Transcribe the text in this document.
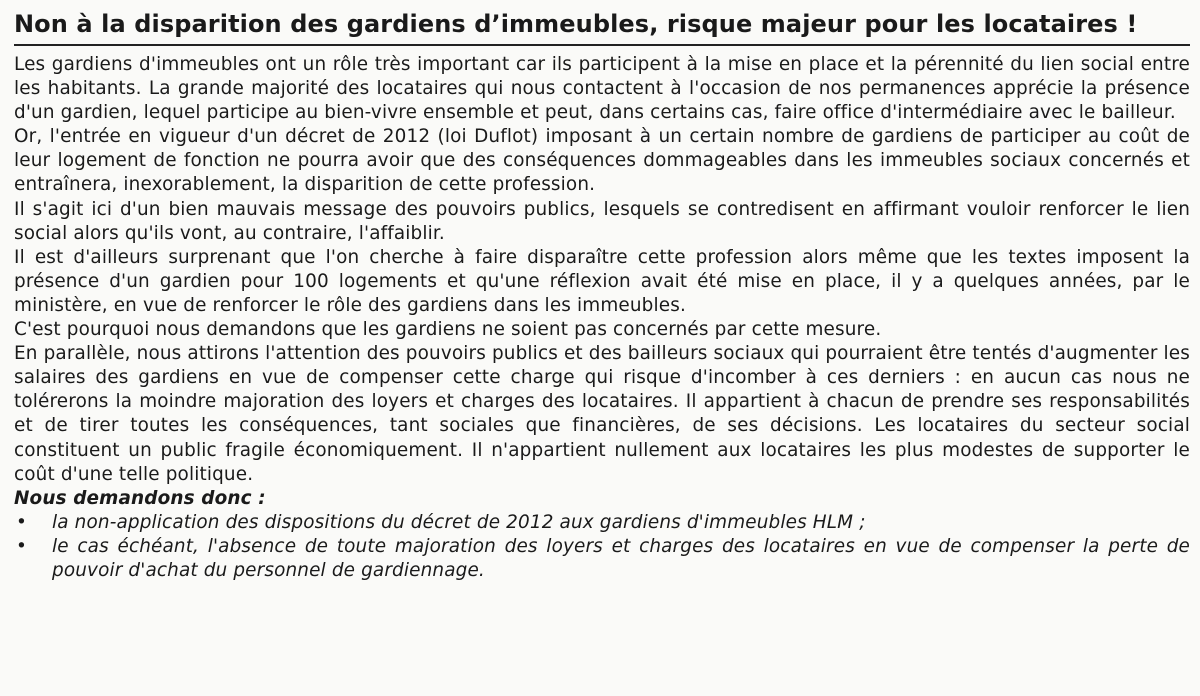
Non à la disparition des gardiens d’immeubles, risque majeur pour les locataires !

Les gardiens d'immeubles ont un rôle très important car ils participent à la mise en place et la pérennité du lien social entre les habitants. La grande majorité des locataires qui nous contactent à l'occasion de nos permanences apprécie la présence d'un gardien, lequel participe au bien-vivre ensemble et peut, dans certains cas, faire office d'intermédiaire avec le bailleur.

Or, l'entrée en vigueur d'un décret de 2012 (loi Duflot) imposant à un certain nombre de gardiens de participer au coût de leur logement de fonction ne pourra avoir que des conséquences dommageables dans les immeubles sociaux concernés et entraînera, inexorablement, la disparition de cette profession.

Il s'agit ici d'un bien mauvais message des pouvoirs publics, lesquels se contredisent en affirmant vouloir renforcer le lien social alors qu'ils vont, au contraire, l'affaiblir.

Il est d'ailleurs surprenant que l'on cherche à faire disparaître cette profession alors même que les textes imposent la présence d'un gardien pour 100 logements et qu'une réflexion avait été mise en place, il y a quelques années, par le ministère, en vue de renforcer le rôle des gardiens dans les immeubles.

C'est pourquoi nous demandons que les gardiens ne soient pas concernés par cette mesure.

En parallèle, nous attirons l'attention des pouvoirs publics et des bailleurs sociaux qui pourraient être tentés d'augmenter les salaires des gardiens en vue de compenser cette charge qui risque d'incomber à ces derniers : en aucun cas nous ne tolérerons la moindre majoration des loyers et charges des locataires. Il appartient à chacun de prendre ses responsabilités et de tirer toutes les conséquences, tant sociales que financières, de ses décisions. Les locataires du secteur social constituent un public fragile économiquement. Il n'appartient nullement aux locataires les plus modestes de supporter le coût d'une telle politique.

Nous demandons donc :

• la non-application des dispositions du décret de 2012 aux gardiens d'immeubles HLM ;
• le cas échéant, l'absence de toute majoration des loyers et charges des locataires en vue de compenser la perte de pouvoir d'achat du personnel de gardiennage.
